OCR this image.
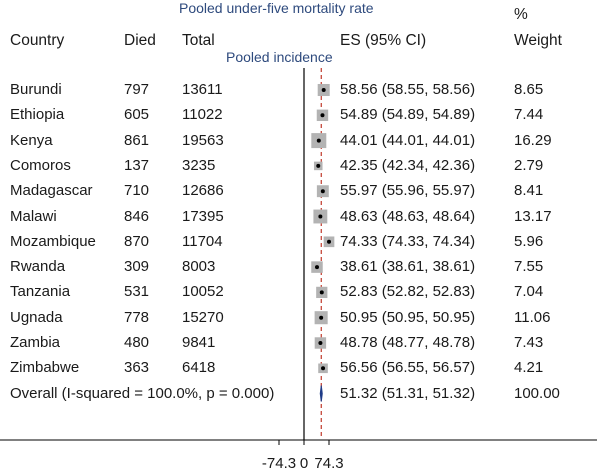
Pooled under-five mortality rate	%
Country	Died Total	ES (95% CI)	Weight
Pooled incidence
Burundi	797 13611	58.56 (58.55, 58.56)	8.65
Ethiopia	605 11022	54.89 (54.89, 54.89)	7.44
Kenya	861 19563	44.01 (44.01, 44.01)	16.29
Comoros	137 3235	42.35 (42.34, 42.36)	2.79
Madagascar 710 12686	55.97 (55.96, 55.97)	8.41
Malawi	846 17395	48.63 (48.63, 48.64)	13.17
Mozambique 870 11704	74.33 (74.33, 74.34)	5.96
Rwanda	309 8003	38.61 (38.61, 38.61)	7.55
Tanzania	531 10052	52.83 (52.82, 52.83)	7.04
Ugnada	778 15270	50.95 (50.95, 50.95)	11.06
Zambia	480 9841	48.78 (48.77, 48.78)	7.43
Zimbabwe	363 6418	56.56 (56.55, 56.57)	4.21
Overall (I-squared = 100.0%, p = 0.000)	51.32 (51.31, 51.32)	100.00
-74.3 0 74.3
